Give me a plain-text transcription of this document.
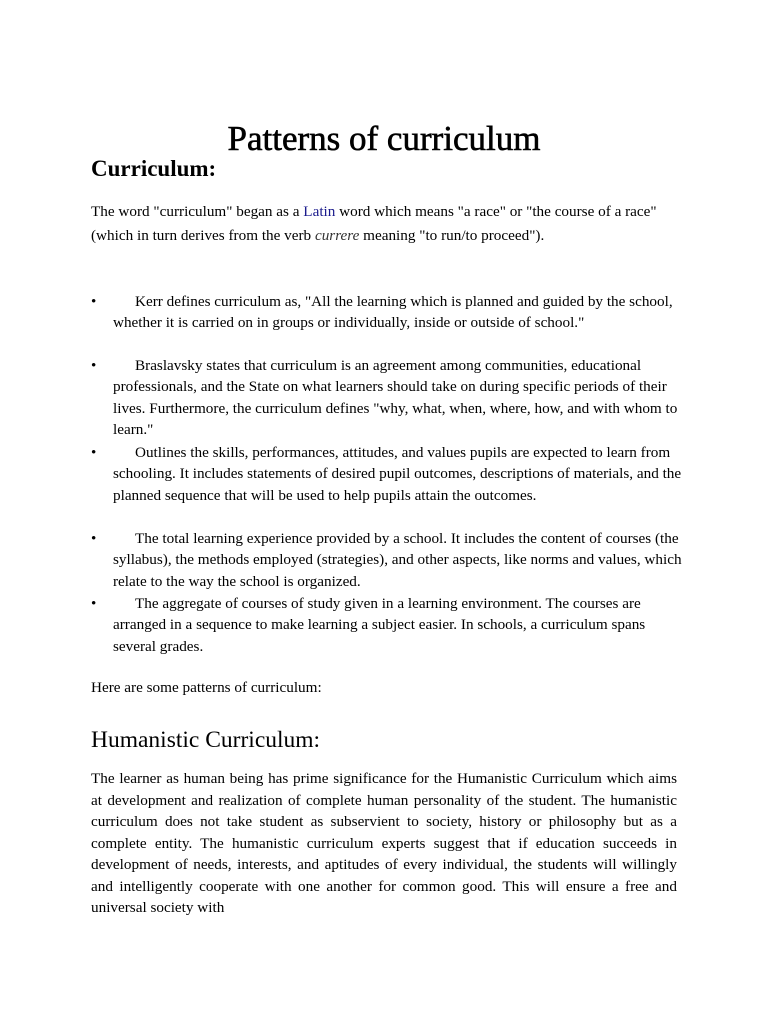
Patterns of curriculum
Curriculum:

The word "curriculum" began as a Latin word which means "a race" or "the course of a race" (which in turn derives from the verb currere meaning "to run/to proceed").

•	Kerr defines curriculum as, "All the learning which is planned and guided by the school, whether it is carried on in groups or individually, inside or outside of school."
•	Braslavsky states that curriculum is an agreement among communities, educational professionals, and the State on what learners should take on during specific periods of their lives. Furthermore, the curriculum defines "why, what, when, where, how, and with whom to learn."
•	Outlines the skills, performances, attitudes, and values pupils are expected to learn from schooling. It includes statements of desired pupil outcomes, descriptions of materials, and the planned sequence that will be used to help pupils attain the outcomes.
•	The total learning experience provided by a school. It includes the content of courses (the syllabus), the methods employed (strategies), and other aspects, like norms and values, which relate to the way the school is organized.
•	The aggregate of courses of study given in a learning environment. The courses are arranged in a sequence to make learning a subject easier. In schools, a curriculum spans several grades.
Here are some patterns of curriculum:
Humanistic Curriculum:

The learner as human being has prime significance for the Humanistic Curriculum which aims at development and realization of complete human personality of the student. The humanistic curriculum does not take student as subservient to society, history or philosophy but as a complete entity. The humanistic curriculum experts suggest that if education succeeds in development of needs, interests, and aptitudes of every individual, the students will willingly and intelligently cooperate with one another for common good. This will ensure a free and universal society with
